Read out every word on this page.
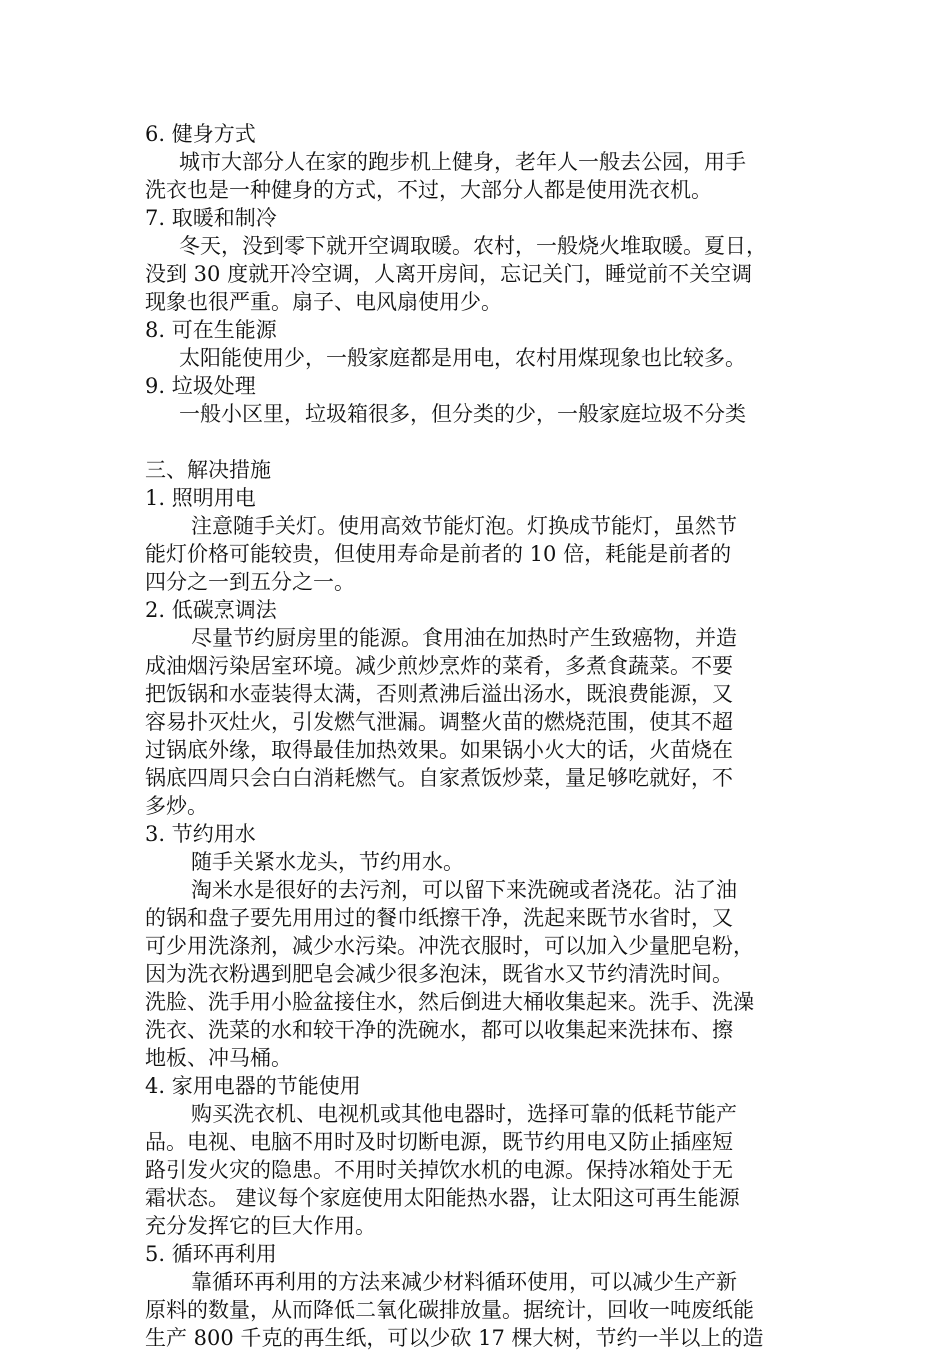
6. 健身方式
城市大部分人在家的跑步机上健身，老年人一般去公园，用手
洗衣也是一种健身的方式，不过，大部分人都是使用洗衣机。
7. 取暖和制冷
冬天，没到零下就开空调取暖。农村，一般烧火堆取暖。夏日，
没到 30 度就开冷空调，人离开房间，忘记关门，睡觉前不关空调
现象也很严重。扇子、电风扇使用少。
8. 可在生能源
太阳能使用少，一般家庭都是用电，农村用煤现象也比较多。
9. 垃圾处理
一般小区里，垃圾箱很多，但分类的少，一般家庭垃圾不分类
三、解决措施
1. 照明用电
注意随手关灯。使用高效节能灯泡。灯换成节能灯，虽然节
能灯价格可能较贵，但使用寿命是前者的 10 倍，耗能是前者的
四分之一到五分之一。
2. 低碳烹调法
尽量节约厨房里的能源。食用油在加热时产生致癌物，并造
成油烟污染居室环境。减少煎炒烹炸的菜肴，多煮食蔬菜。不要
把饭锅和水壶装得太满，否则煮沸后溢出汤水，既浪费能源，又
容易扑灭灶火，引发燃气泄漏。调整火苗的燃烧范围，使其不超
过锅底外缘，取得最佳加热效果。如果锅小火大的话，火苗烧在
锅底四周只会白白消耗燃气。自家煮饭炒菜，量足够吃就好，不
多炒。
3. 节约用水
随手关紧水龙头，节约用水。
淘米水是很好的去污剂，可以留下来洗碗或者浇花。沾了油
的锅和盘子要先用用过的餐巾纸擦干净，洗起来既节水省时，又
可少用洗涤剂，减少水污染。冲洗衣服时，可以加入少量肥皂粉，
因为洗衣粉遇到肥皂会减少很多泡沫，既省水又节约清洗时间。
洗脸、洗手用小脸盆接住水，然后倒进大桶收集起来。洗手、洗澡
洗衣、洗菜的水和较干净的洗碗水，都可以收集起来洗抹布、擦
地板、冲马桶。
4. 家用电器的节能使用
购买洗衣机、电视机或其他电器时，选择可靠的低耗节能产
品。电视、电脑不用时及时切断电源，既节约用电又防止插座短
路引发火灾的隐患。不用时关掉饮水机的电源。保持冰箱处于无
霜状态。 建议每个家庭使用太阳能热水器，让太阳这可再生能源
充分发挥它的巨大作用。
5. 循环再利用
靠循环再利用的方法来减少材料循环使用，可以减少生产新
原料的数量，从而降低二氧化碳排放量。据统计，回收一吨废纸能
生产 800 千克的再生纸，可以少砍 17 棵大树，节约一半以上的造
